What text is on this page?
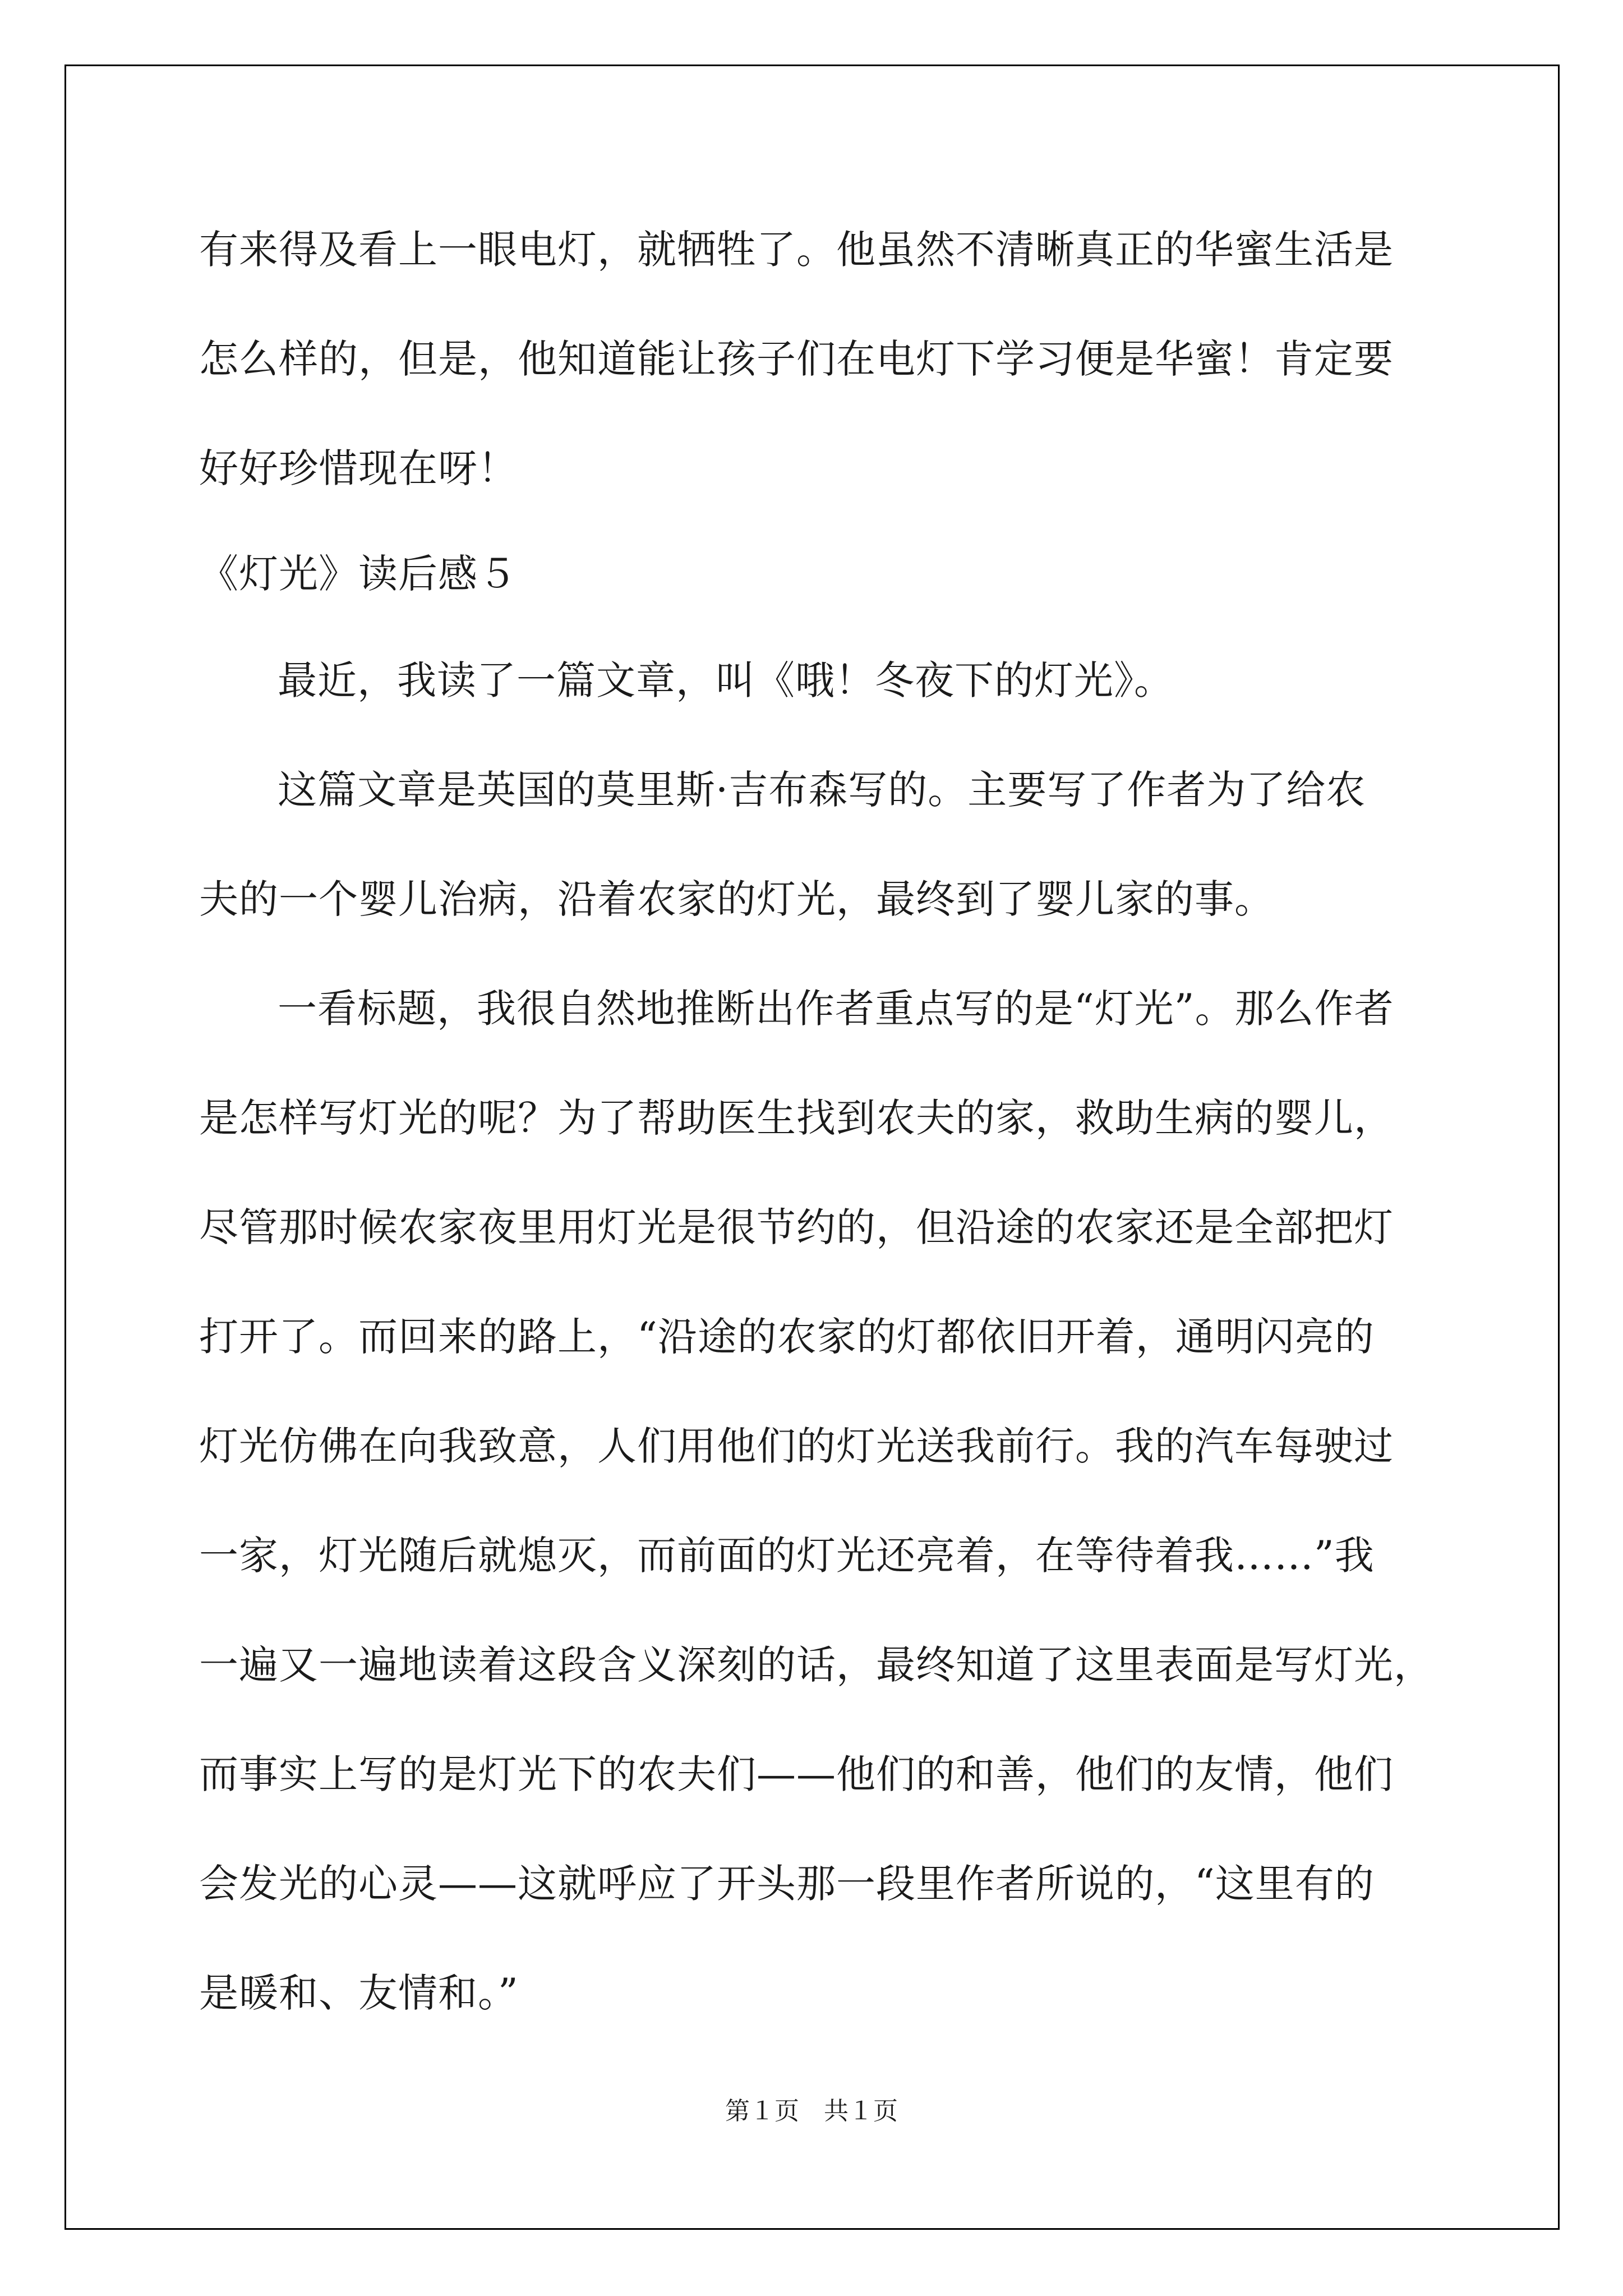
有来得及看上一眼电灯，就牺牲了。他虽然不清晰真正的华蜜生活是
怎么样的，但是，他知道能让孩子们在电灯下学习便是华蜜！肯定要
好好珍惜现在呀！
《灯光》读后感５
最近，我读了一篇文章，叫《哦！冬夜下的灯光》。
这篇文章是英国的莫里斯·吉布森写的。主要写了作者为了给农
夫的一个婴儿治病，沿着农家的灯光，最终到了婴儿家的事。
一看标题，我很自然地推断出作者重点写的是“灯光”。那么作者
是怎样写灯光的呢？为了帮助医生找到农夫的家，救助生病的婴儿，
尽管那时候农家夜里用灯光是很节约的，但沿途的农家还是全部把灯
打开了。而回来的路上，“沿途的农家的灯都依旧开着，通明闪亮的
灯光仿佛在向我致意，人们用他们的灯光送我前行。我的汽车每驶过
一家，灯光随后就熄灭，而前面的灯光还亮着，在等待着我……”我
一遍又一遍地读着这段含义深刻的话，最终知道了这里表面是写灯光，
而事实上写的是灯光下的农夫们——他们的和善，他们的友情，他们
会发光的心灵——这就呼应了开头那一段里作者所说的，“这里有的
是暖和、友情和。”
第１页　共１页
